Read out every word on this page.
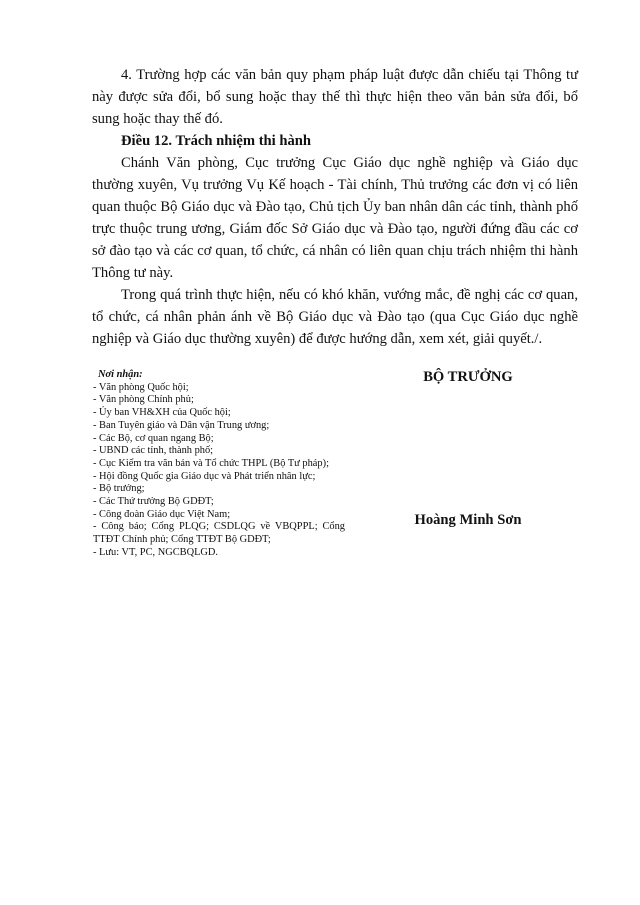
4. Trường hợp các văn bản quy phạm pháp luật được dẫn chiếu tại Thông tư này được sửa đổi, bổ sung hoặc thay thế thì thực hiện theo văn bản sửa đổi, bổ sung hoặc thay thế đó.

Điều 12. Trách nhiệm thi hành

Chánh Văn phòng, Cục trưởng Cục Giáo dục nghề nghiệp và Giáo dục thường xuyên, Vụ trưởng Vụ Kế hoạch - Tài chính, Thủ trưởng các đơn vị có liên quan thuộc Bộ Giáo dục và Đào tạo, Chủ tịch Ủy ban nhân dân các tỉnh, thành phố trực thuộc trung ương, Giám đốc Sở Giáo dục và Đào tạo, người đứng đầu các cơ sở đào tạo và các cơ quan, tổ chức, cá nhân có liên quan chịu trách nhiệm thi hành Thông tư này.

Trong quá trình thực hiện, nếu có khó khăn, vướng mắc, đề nghị các cơ quan, tổ chức, cá nhân phản ánh về Bộ Giáo dục và Đào tạo (qua Cục Giáo dục nghề nghiệp và Giáo dục thường xuyên) để được hướng dẫn, xem xét, giải quyết./.

Nơi nhận:

- Văn phòng Quốc hội;
- Văn phòng Chính phủ;
- Ủy ban VH&XH của Quốc hội;
- Ban Tuyên giáo và Dân vận Trung ương;
- Các Bộ, cơ quan ngang Bộ;
- UBND các tỉnh, thành phố;
- Cục Kiểm tra văn bản và Tổ chức THPL (Bộ Tư pháp);
- Hội đồng Quốc gia Giáo dục và Phát triển nhân lực;
- Bộ trưởng;
- Các Thứ trưởng Bộ GDĐT;
- Công đoàn Giáo dục Việt Nam;
- Công báo; Cổng PLQG; CSDLQG về VBQPPL; Cổng TTĐT Chính phủ; Cổng TTĐT Bộ GDĐT;
- Lưu: VT, PC, NGCBQLGD.
BỘ TRƯỞNG
Hoàng Minh Sơn
